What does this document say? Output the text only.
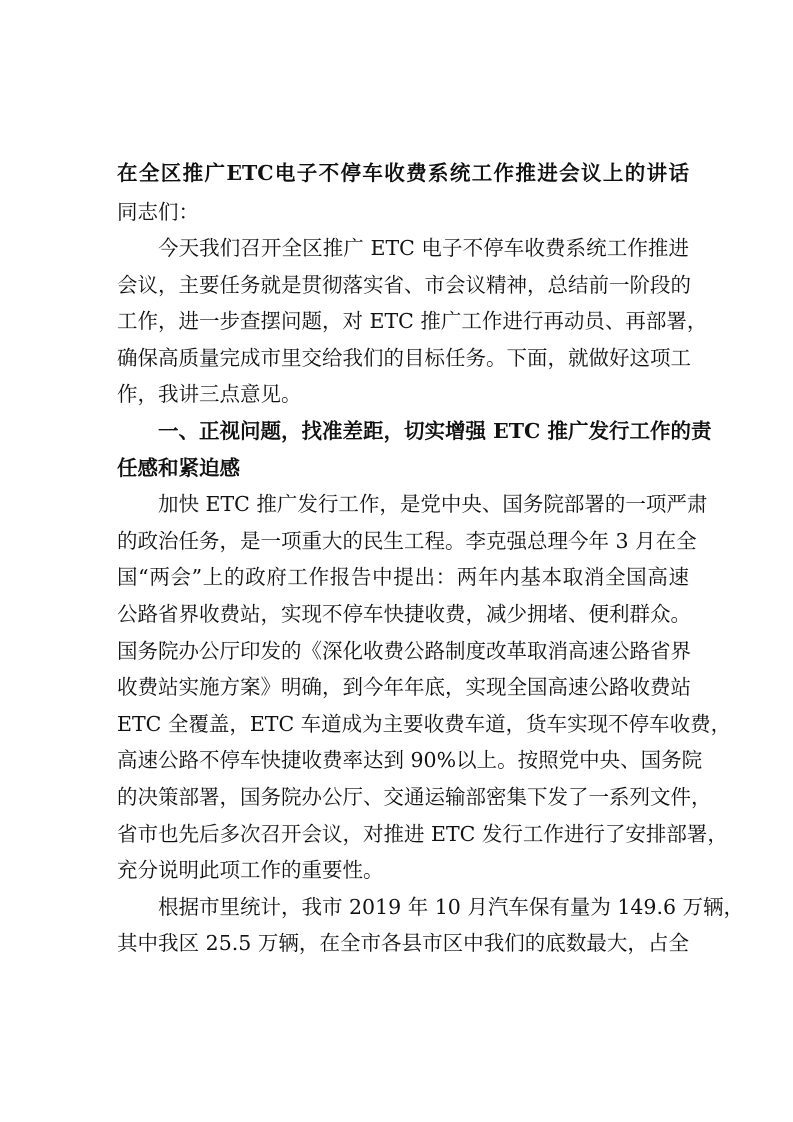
在全区推广ETC电子不停车收费系统工作推进会议上的讲话
同志们：
今天我们召开全区推广 ETC 电子不停车收费系统工作推进
会议，主要任务就是贯彻落实省、市会议精神，总结前一阶段的
工作，进一步查摆问题，对 ETC 推广工作进行再动员、再部署，
确保高质量完成市里交给我们的目标任务。下面，就做好这项工
作，我讲三点意见。
一、正视问题，找准差距，切实增强 ETC 推广发行工作的责
任感和紧迫感
加快 ETC 推广发行工作，是党中央、国务院部署的一项严肃
的政治任务，是一项重大的民生工程。李克强总理今年 3 月在全
国“两会”上的政府工作报告中提出：两年内基本取消全国高速
公路省界收费站，实现不停车快捷收费，减少拥堵、便利群众。
国务院办公厅印发的《深化收费公路制度改革取消高速公路省界
收费站实施方案》明确，到今年年底，实现全国高速公路收费站
ETC 全覆盖，ETC 车道成为主要收费车道，货车实现不停车收费，
高速公路不停车快捷收费率达到 90%以上。按照党中央、国务院
的决策部署，国务院办公厅、交通运输部密集下发了一系列文件，
省市也先后多次召开会议，对推进 ETC 发行工作进行了安排部署，
充分说明此项工作的重要性。
根据市里统计，我市 2019 年 10 月汽车保有量为 149.6 万辆，
其中我区 25.5 万辆，在全市各县市区中我们的底数最大，占全
